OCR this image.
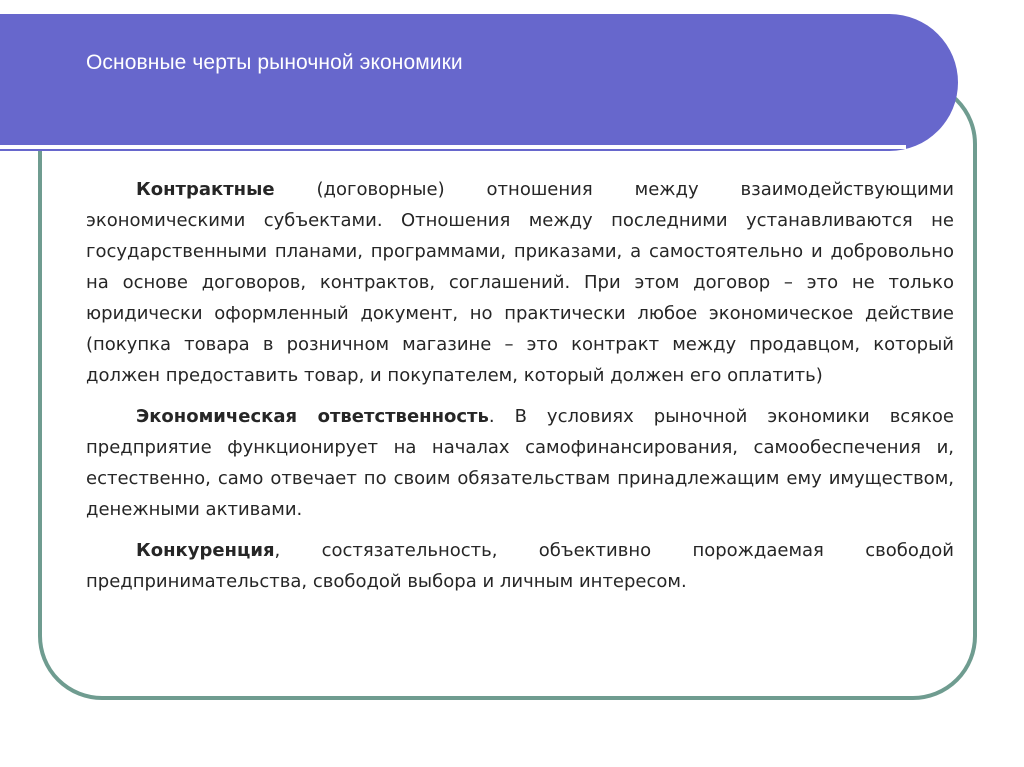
Основные черты рыночной экономики

Контрактные (договорные) отношения между взаимодействующими экономическими субъектами. Отношения между последними устанавливаются не государственными планами, программами, приказами, а самостоятельно и добровольно на основе договоров, контрактов, соглашений. При этом договор – это не только юридически оформленный документ, но практически любое экономическое действие (покупка товара в розничном магазине – это контракт между продавцом, который должен предоставить товар, и покупателем, который должен его оплатить)

Экономическая ответственность. В условиях рыночной экономики всякое предприятие функционирует на началах самофинансирования, самообеспечения и, естественно, само отвечает по своим обязательствам принадлежащим ему имуществом, денежными активами.

Конкуренция, состязательность, объективно порождаемая свободой предпринимательства, свободой выбора и личным интересом.
